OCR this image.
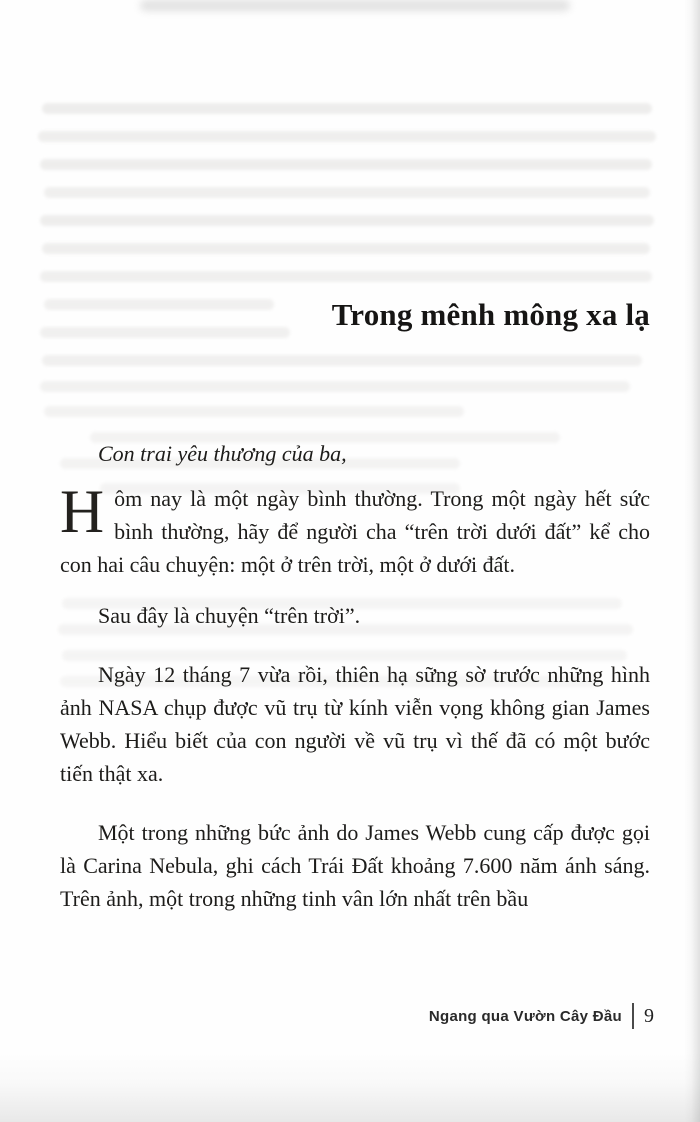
Trong mênh mông xa lạ

Con trai yêu thương của ba,

Hôm nay là một ngày bình thường. Trong một ngày hết sức bình thường, hãy để người cha “trên trời dưới đất” kể cho con hai câu chuyện: một ở trên trời, một ở dưới đất.

Sau đây là chuyện “trên trời”.

Ngày 12 tháng 7 vừa rồi, thiên hạ sững sờ trước những hình ảnh NASA chụp được vũ trụ từ kính viễn vọng không gian James Webb. Hiểu biết của con người về vũ trụ vì thế đã có một bước tiến thật xa.

Một trong những bức ảnh do James Webb cung cấp được gọi là Carina Nebula, ghi cách Trái Đất khoảng 7.600 năm ánh sáng. Trên ảnh, một trong những tinh vân lớn nhất trên bầu

Ngang qua Vườn Cây Đầu 9
